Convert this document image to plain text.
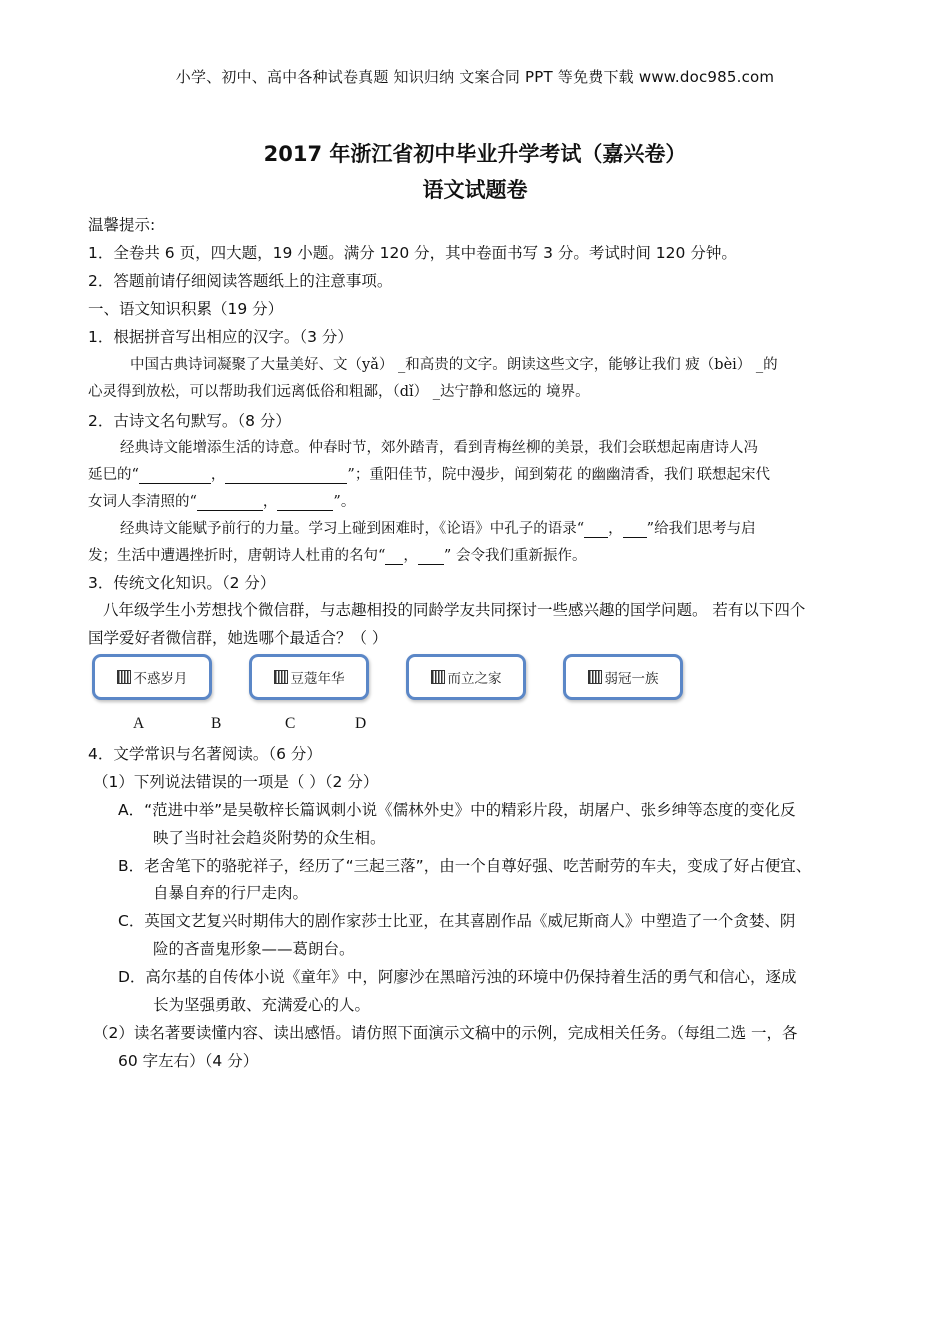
小学、初中、高中各种试卷真题 知识归纳 文案合同 PPT 等免费下载 www.doc985.com
2017 年浙江省初中毕业升学考试（嘉兴卷）
语文试题卷
温馨提示:
1．全卷共 6 页，四大题，19 小题。满分 120 分，其中卷面书写 3 分。考试时间 120 分钟。
2．答题前请仔细阅读答题纸上的注意事项。
一、语文知识积累（19 分）
1．根据拼音写出相应的汉字。（3 分）
中国古典诗词凝聚了大量美好、文（yǎ） _和高贵的文字。朗读这些文字，能够让我们 疲（bèi） _的
心灵得到放松，可以帮助我们远离低俗和粗鄙，（dǐ） _达宁静和悠远的 境界。
2．古诗文名句默写。（8 分）
经典诗文能增添生活的诗意。仲春时节，郊外踏青，看到青梅丝柳的美景，我们会联想起南唐诗人冯
延巳的“	，	”；重阳佳节，院中漫步，闻到菊花 的幽幽清香，我们 联想起宋代
女词人李清照的“	，	”。
经典诗文能赋予前行的力量。学习上碰到困难时，《论语》中孔子的语录“ ， ”给我们思考与启
发；生活中遭遇挫折时，唐朝诗人杜甫的名句“ ， ” 会令我们重新振作。
3．传统文化知识。（2 分）
八年级学生小芳想找个微信群，与志趣相投的同龄学友共同探讨一些感兴趣的国学问题。 若有以下四个
国学爱好者微信群，她选哪个最适合？（ ）
不惑岁月	豆蔻年华	而立之家	弱冠一族
A	B	C	D
4．文学常识与名著阅读。（6 分）
（1）下列说法错误的一项是（ ）（2 分）
A．“范进中举”是吴敬梓长篇讽刺小说《儒林外史》中的精彩片段，胡屠户、张乡绅等态度的变化反
映了当时社会趋炎附势的众生相。
B．老舍笔下的骆驼祥子，经历了“三起三落”，由一个自尊好强、吃苦耐劳的车夫，变成了好占便宜、
自暴自弃的行尸走肉。
C．英国文艺复兴时期伟大的剧作家莎士比亚，在其喜剧作品《威尼斯商人》中塑造了一个贪婪、阴
险的吝啬鬼形象——葛朗台。
D．高尔基的自传体小说《童年》中，阿廖沙在黑暗污浊的环境中仍保持着生活的勇气和信心，逐成
长为坚强勇敢、充满爱心的人。
（2）读名著要读懂内容、读出感悟。请仿照下面演示文稿中的示例，完成相关任务。（每组二选 一，各
60 字左右）（4 分）
